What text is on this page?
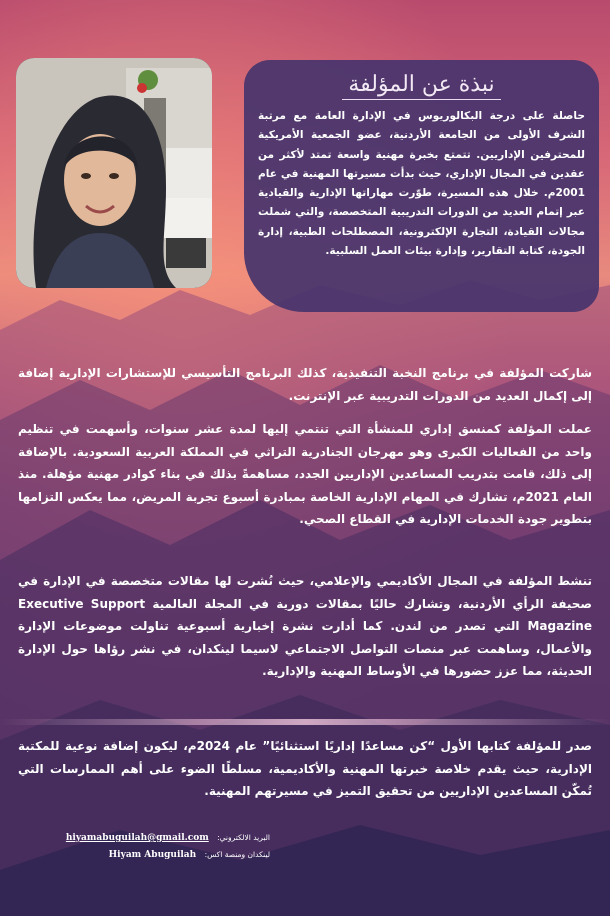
نبذة عن المؤلفة
حاصلة على درجة البكالوريوس في الإدارة العامة مع مرتبة الشرف الأولى من الجامعة الأردنية، عضو الجمعية الأمريكية للمحترفين الإداريين. تتمتع بخبرة مهنية واسعة تمتد لأكثر من عقدين في المجال الإداري، حيث بدأت مسيرتها المهنية في عام 2001م. خلال هذه المسيرة، طوّرت مهاراتها الإدارية والقيادية عبر إتمام العديد من الدورات التدريبية المتخصصة، والتي شملت مجالات القيادة، التجارة الإلكترونية، المصطلحات الطبية، إدارة الجودة، كتابة التقارير، وإدارة بيئات العمل السلبية.

شاركت المؤلفة في برنامج النخبة التنفيذية، كذلك البرنامج التأسيسي للإستشارات الإدارية إضافة إلى إكمال العديد من الدورات التدريبية عبر الإنترنت.

عملت المؤلفة كمنسق إداري للمنشأة التي تنتمي إليها لمدة عشر سنوات، وأسهمت في تنظيم واحد من الفعاليات الكبرى وهو مهرجان الجنادرية التراثي في المملكة العربية السعودية. بالإضافة إلى ذلك، قامت بتدريب المساعدين الإداريين الجدد، مساهمةً بذلك في بناء كوادر مهنية مؤهلة. منذ العام 2021م، تشارك في المهام الإدارية الخاصة بمبادرة أسبوع تجربة المريض، مما يعكس التزامها بتطوير جودة الخدمات الإدارية في القطاع الصحي.

تنشط المؤلفة في المجال الأكاديمي والإعلامي، حيث نُشرت لها مقالات متخصصة في الإدارة في صحيفة الرأي الأردنية، وتشارك حاليًا بمقالات دورية في المجلة العالمية Executive Support Magazine التي تصدر من لندن. كما أدارت نشرة إخبارية أسبوعية تناولت موضوعات الإدارة والأعمال، وساهمت عبر منصات التواصل الاجتماعي لاسيما لينكدان، في نشر رؤاها حول الإدارة الحديثة، مما عزز حضورها في الأوساط المهنية والإدارية.

صدر للمؤلفة كتابها الأول “كن مساعدًا إداريًا استثنائيًا” عام 2024م، ليكون إضافة نوعية للمكتبة الإدارية، حيث يقدم خلاصة خبرتها المهنية والأكاديمية، مسلطًا الضوء على أهم الممارسات التي تُمكّن المساعدين الإداريين من تحقيق التميز في مسيرتهم المهنية.

البريد الالكتروني: hiyamabuguilah@gmail.com
لينكدان ومنصة اكس: Hiyam Abuguilah
